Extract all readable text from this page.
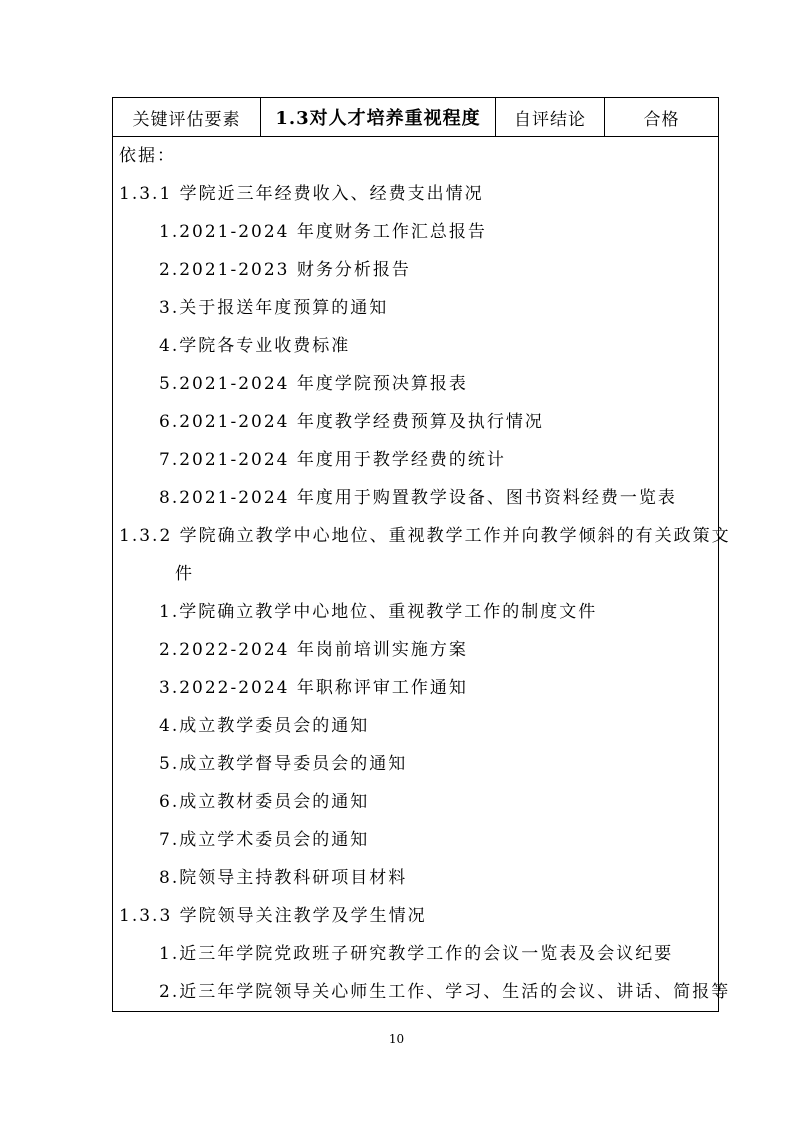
关键评估要素	1.3对人才培养重视程度	自评结论	合格
依据：
1.3.1 学院近三年经费收入、经费支出情况
1.2021-2024 年度财务工作汇总报告
2.2021-2023 财务分析报告
3.关于报送年度预算的通知
4.学院各专业收费标准
5.2021-2024 年度学院预决算报表
6.2021-2024 年度教学经费预算及执行情况
7.2021-2024 年度用于教学经费的统计
8.2021-2024 年度用于购置教学设备、图书资料经费一览表
1.3.2 学院确立教学中心地位、重视教学工作并向教学倾斜的有关政策文
件
1.学院确立教学中心地位、重视教学工作的制度文件
2.2022-2024 年岗前培训实施方案
3.2022-2024 年职称评审工作通知
4.成立教学委员会的通知
5.成立教学督导委员会的通知
6.成立教材委员会的通知
7.成立学术委员会的通知
8.院领导主持教科研项目材料
1.3.3 学院领导关注教学及学生情况
1.近三年学院党政班子研究教学工作的会议一览表及会议纪要
2.近三年学院领导关心师生工作、学习、生活的会议、讲话、简报等
10
